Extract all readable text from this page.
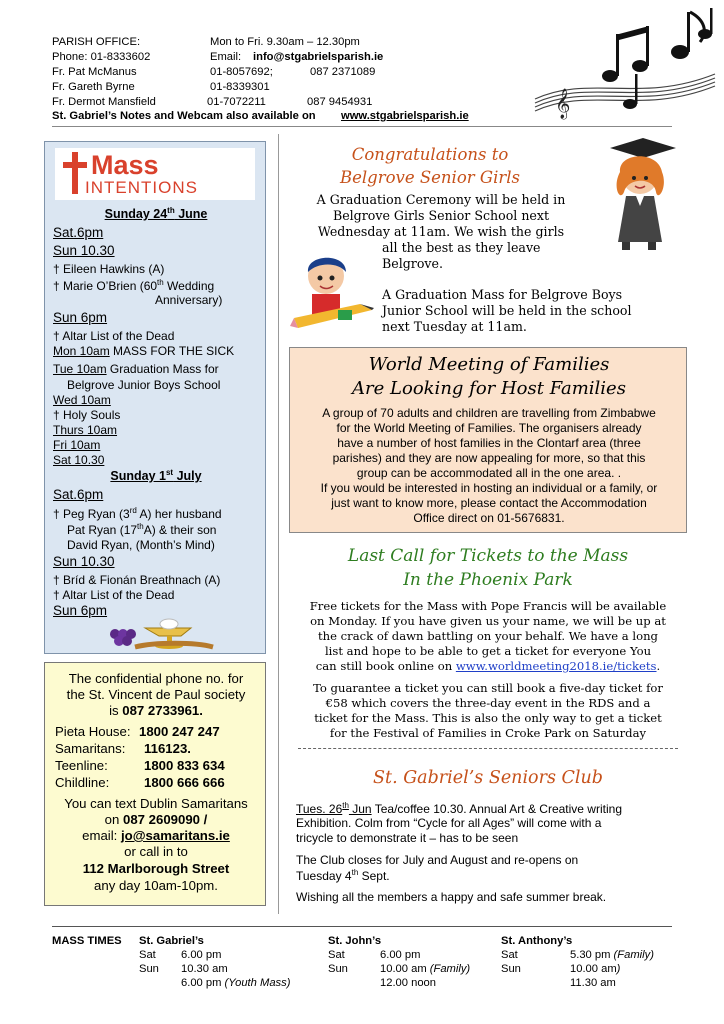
PARISH OFFICE:	Mon to Fri. 9.30am – 12.30pm
Phone: 01-8333602	Email: info@stgabrielsparish.ie
Fr. Pat McManus	01-8057692;	087 2371089
Fr. Gareth Byrne	01-8339301
Fr. Dermot Mansfield	01-7072211	087 9454931
St. Gabriel’s Notes and Webcam also available on www.stgabrielsparish.ie	𝄞
Mass
INTENTIONS
Sunday 24th June
Sat.6pm
Sun 10.30
† Eileen Hawkins (A)
† Marie O’Brien (60th Wedding
Anniversary)
Sun 6pm
† Altar List of the Dead
Mon 10am MASS FOR THE SICK
Tue 10am Graduation Mass for
Belgrove Junior Boys School
Wed 10am
† Holy Souls
Thurs 10am
Fri 10am
Sat 10.30
Sunday 1st July
Sat.6pm
† Peg Ryan (3rd A) her husband
Pat Ryan (17thA) & their son
David Ryan, (Month’s Mind)
Sun 10.30
† Bríd & Fionán Breathnach (A)
† Altar List of the Dead
Sun 6pm
The confidential phone no. for
the St. Vincent de Paul society
is 087 2733961.
Pieta House: 1800 247 247
Samaritans: 116123.
Teenline:	1800 833 634
Childline:	1800 666 666
You can text Dublin Samaritans
on 087 2609090 /
email: jo@samaritans.ie
or call in to
112 Marlborough Street
any day 10am-10pm.
Congratulations to
Belgrove Senior Girls
A Graduation Ceremony will be held in
Belgrove Girls Senior School next
Wednesday at 11am. We wish the girls
all the best as they leave
Belgrove.
A Graduation Mass for Belgrove Boys
Junior School will be held in the school
next Tuesday at 11am.
World Meeting of Families
Are Looking for Host Families
A group of 70 adults and children are travelling from Zimbabwe
for the World Meeting of Families. The organisers already
have a number of host families in the Clontarf area (three
parishes) and they are now appealing for more, so that this
group can be accommodated all in the one area. .
If you would be interested in hosting an individual or a family, or
just want to know more, please contact the Accommodation
Office direct on 01-5676831.
Last Call for Tickets to the Mass
In the Phoenix Park
Free tickets for the Mass with Pope Francis will be available
on Monday. If you have given us your name, we will be up at
the crack of dawn battling on your behalf. We have a long
list and hope to be able to get a ticket for everyone You
can still book online on www.worldmeeting2018.ie/tickets.
To guarantee a ticket you can still book a five-day ticket for
€58 which covers the three-day event in the RDS and a
ticket for the Mass. This is also the only way to get a ticket
for the Festival of Families in Croke Park on Saturday
St. Gabriel’s Seniors Club
Tues. 26th Jun Tea/coffee 10.30. Annual Art & Creative writing
Exhibition. Colm from “Cycle for all Ages” will come with a
tricycle to demonstrate it – has to be seen
The Club closes for July and August and re-opens on
Tuesday 4th Sept.
Wishing all the members a happy and safe summer break.
MASS TIMES St. Gabriel’s
Sat 6.00 pm
Sun 10.30 am
6.00 pm (Youth Mass)
St. John’s
Sat	6.00 pm
Sun	10.00 am (Family)
12.00 noon
St. Anthony’s
Sat	5.30 pm (Family)
Sun	10.00 am)
11.30 am
